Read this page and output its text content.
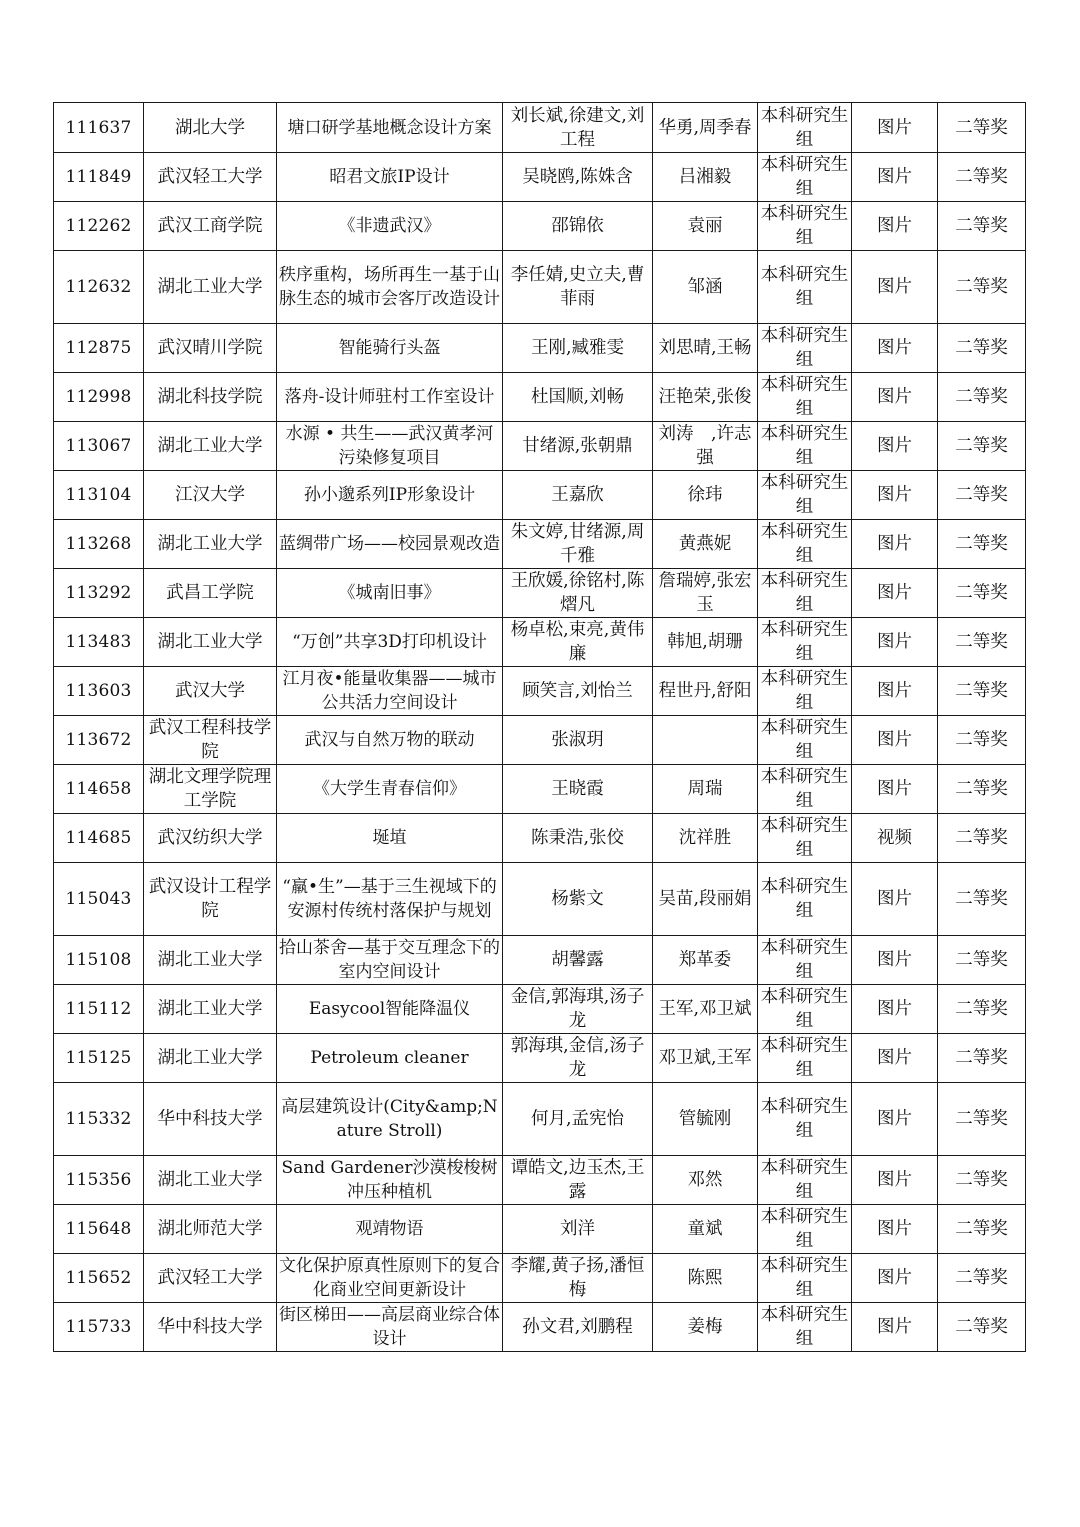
111637	湖北大学	塘口研学基地概念设计方案	刘长斌,徐建文,刘工程	华勇,周季春	本科研究生组	图片	二等奖
111849	武汉轻工大学	昭君文旅IP设计	吴晓鸥,陈姝含	吕湘毅	本科研究生组	图片	二等奖
112262	武汉工商学院	《非遗武汉》	邵锦依	袁丽	本科研究生组	图片	二等奖
112632	湖北工业大学	秩序重构，场所再生一基于山脉生态的城市会客厅改造设计	李任婧,史立夫,曹菲雨	邹涵	本科研究生组	图片	二等奖
112875	武汉晴川学院	智能骑行头盔	王刚,臧雅雯	刘思晴,王畅	本科研究生组	图片	二等奖
112998	湖北科技学院	落舟-设计师驻村工作室设计	杜国顺,刘畅	汪艳荣,张俊	本科研究生组	图片	二等奖
113067	湖北工业大学	水源 • 共生——武汉黄孝河污染修复项目	甘绪源,张朝鼎	刘涛　,许志强	本科研究生组	图片	二等奖
113104	江汉大学	孙小邈系列IP形象设计	王嘉欣	徐玮	本科研究生组	图片	二等奖
113268	湖北工业大学	蓝绸带广场——校园景观改造	朱文婷,甘绪源,周千雅	黄燕妮	本科研究生组	图片	二等奖
113292	武昌工学院	《城南旧事》	王欣媛,徐铭村,陈熠凡	詹瑞婷,张宏玉	本科研究生组	图片	二等奖
113483	湖北工业大学	“万创”共享3D打印机设计	杨卓松,束亮,黄伟廉	韩旭,胡珊	本科研究生组	图片	二等奖
113603	武汉大学	江月夜•能量收集器——城市公共活力空间设计	顾笑言,刘怡兰	程世丹,舒阳	本科研究生组	图片	二等奖
113672	武汉工程科技学院	武汉与自然万物的联动	张淑玥		本科研究生组	图片	二等奖
114658	湖北文理学院理工学院	《大学生青春信仰》	王晓霞	周瑞	本科研究生组	图片	二等奖
114685	武汉纺织大学	埏埴	陈秉浩,张佼	沈祥胜	本科研究生组	视频	二等奖
115043	武汉设计工程学院	“羸•生”—基于三生视域下的安源村传统村落保护与规划	杨紫文	吴苗,段丽娟	本科研究生组	图片	二等奖
115108	湖北工业大学	拾山茶舍—基于交互理念下的室内空间设计	胡馨露	郑革委	本科研究生组	图片	二等奖
115112	湖北工业大学	Easycool智能降温仪	金信,郭海琪,汤子龙	王军,邓卫斌	本科研究生组	图片	二等奖
115125	湖北工业大学	Petroleum cleaner	郭海琪,金信,汤子龙	邓卫斌,王军	本科研究生组	图片	二等奖
115332	华中科技大学	高层建筑设计(City&amp;Nature Stroll)	何月,孟宪怡	管毓刚	本科研究生组	图片	二等奖
115356	湖北工业大学	Sand Gardener沙漠梭梭树冲压种植机	谭皓文,边玉杰,王露	邓然	本科研究生组	图片	二等奖
115648	湖北师范大学	观靖物语	刘洋	童斌	本科研究生组	图片	二等奖
115652	武汉轻工大学	文化保护原真性原则下的复合化商业空间更新设计	李耀,黄子扬,潘恒梅	陈熙	本科研究生组	图片	二等奖
115733	华中科技大学	街区梯田——高层商业综合体设计	孙文君,刘鹏程	姜梅	本科研究生组	图片	二等奖
